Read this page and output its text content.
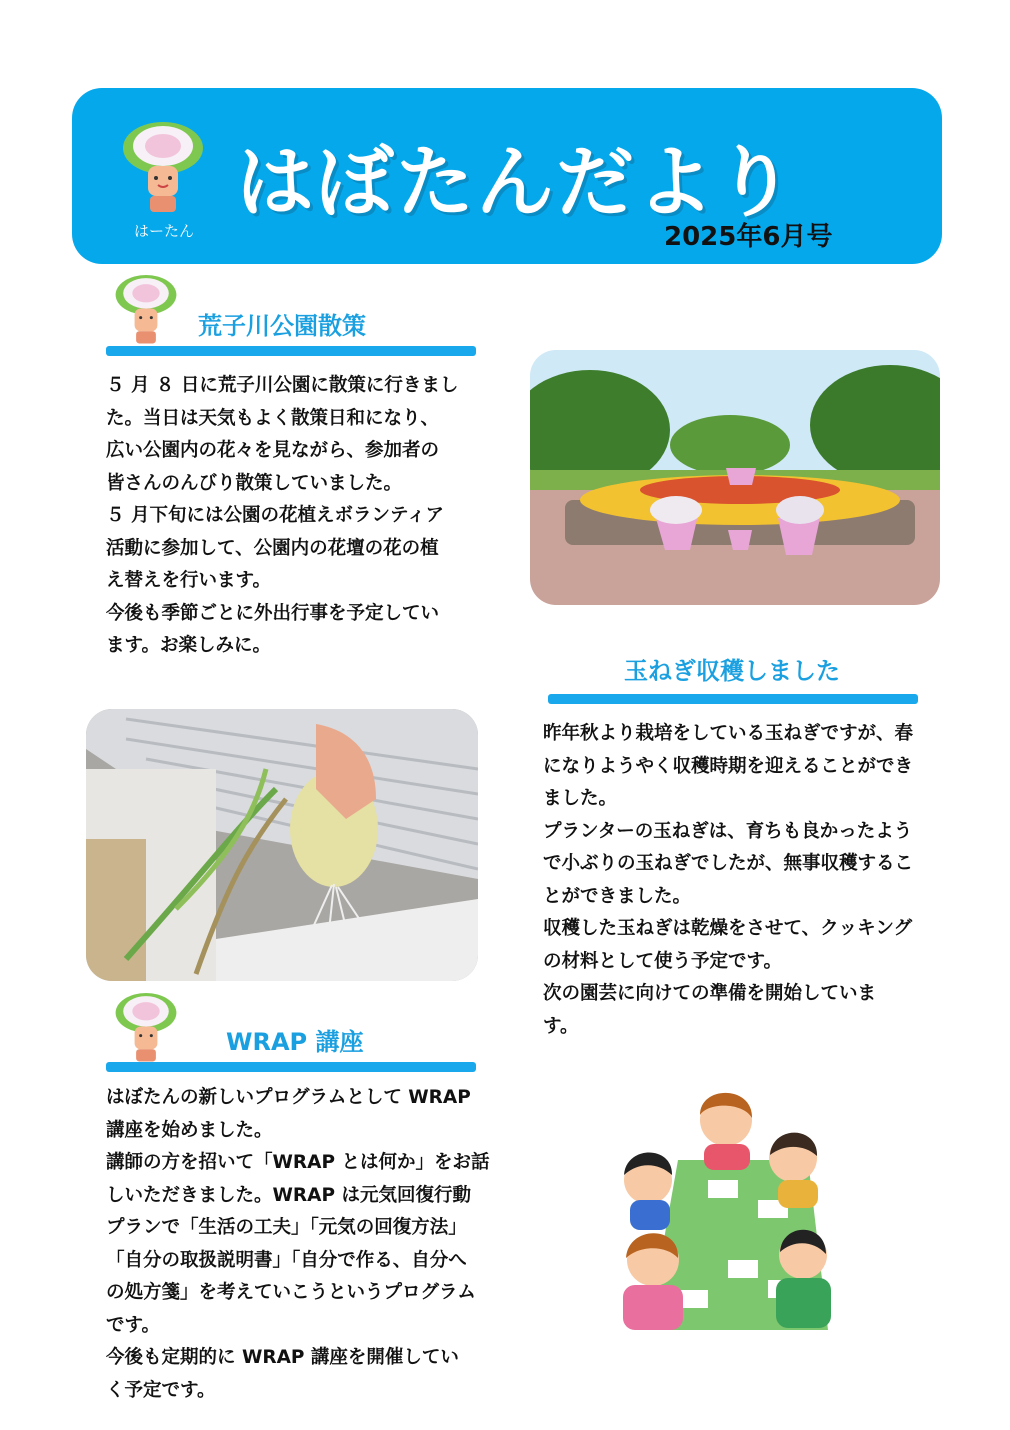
はーたん
はぼたんだより
2025年6月号
荒子川公園散策

５ 月 ８ 日に荒子川公園に散策に行きまし

た。当日は天気もよく散策日和になり、

広い公園内の花々を見ながら、参加者の

皆さんのんびり散策していました。

５ 月下旬には公園の花植えボランティア

活動に参加して、公園内の花壇の花の植

え替えを行います。

今後も季節ごとに外出行事を予定してい

ます。お楽しみに。

玉ねぎ収穫しました

昨年秋より栽培をしている玉ねぎですが、春

になりようやく収穫時期を迎えることができ

ました。

プランターの玉ねぎは、育ちも良かったよう

で小ぶりの玉ねぎでしたが、無事収穫するこ

とができました。

収穫した玉ねぎは乾燥をさせて、クッキング

の材料として使う予定です。

次の園芸に向けての準備を開始していま

す。

WRAP 講座

はぼたんの新しいプログラムとして WRAP

講座を始めました。

講師の方を招いて「WRAP とは何か」をお話

しいただきました。WRAP は元気回復行動

プランで「生活の工夫」「元気の回復方法」

「自分の取扱説明書」「自分で作る、自分へ

の処方箋」を考えていこうというプログラム

です。

今後も定期的に WRAP 講座を開催してい

く予定です。
